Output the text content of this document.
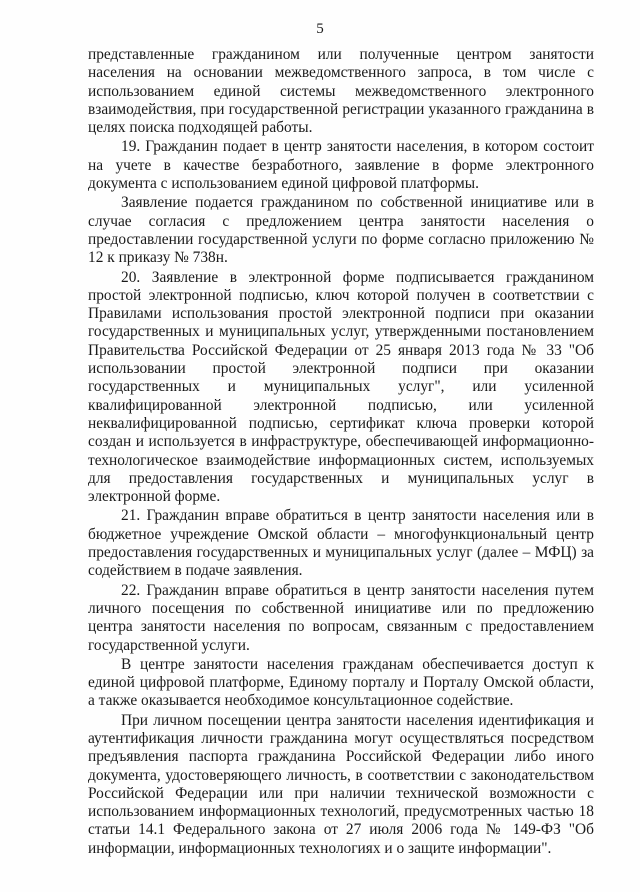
5

представленные гражданином или полученные центром занятости населения на основании межведомственного запроса, в том числе с использованием единой системы межведомственного электронного взаимодействия, при государственной регистрации указанного гражданина в целях поиска подходящей работы.

19. Гражданин подает в центр занятости населения, в котором состоит на учете в качестве безработного, заявление в форме электронного документа с использованием единой цифровой платформы.

Заявление подается гражданином по собственной инициативе или в случае согласия с предложением центра занятости населения о предоставлении государственной услуги по форме согласно приложению № 12 к приказу № 738н.

20. Заявление в электронной форме подписывается гражданином простой электронной подписью, ключ которой получен в соответствии с Правилами использования простой электронной подписи при оказании государственных и муниципальных услуг, утвержденными постановлением Правительства Российской Федерации от 25 января 2013 года № 33 "Об использовании простой электронной подписи при оказании государственных и муниципальных услуг", или усиленной квалифицированной электронной подписью, или усиленной неквалифицированной подписью, сертификат ключа проверки которой создан и используется в инфраструктуре, обеспечивающей информационно-технологическое взаимодействие информационных систем, используемых для предоставления государственных и муниципальных услуг в электронной форме.

21. Гражданин вправе обратиться в центр занятости населения или в бюджетное учреждение Омской области – многофункциональный центр предоставления государственных и муниципальных услуг (далее – МФЦ) за содействием в подаче заявления.

22. Гражданин вправе обратиться в центр занятости населения путем личного посещения по собственной инициативе или по предложению центра занятости населения по вопросам, связанным с предоставлением государственной услуги.

В центре занятости населения гражданам обеспечивается доступ к единой цифровой платформе, Единому порталу и Порталу Омской области, а также оказывается необходимое консультационное содействие.

При личном посещении центра занятости населения идентификация и аутентификация личности гражданина могут осуществляться посредством предъявления паспорта гражданина Российской Федерации либо иного документа, удостоверяющего личность, в соответствии с законодательством Российской Федерации или при наличии технической возможности с использованием информационных технологий, предусмотренных частью 18 статьи 14.1 Федерального закона от 27 июля 2006 года № 149-ФЗ "Об информации, информационных технологиях и о защите информации".
